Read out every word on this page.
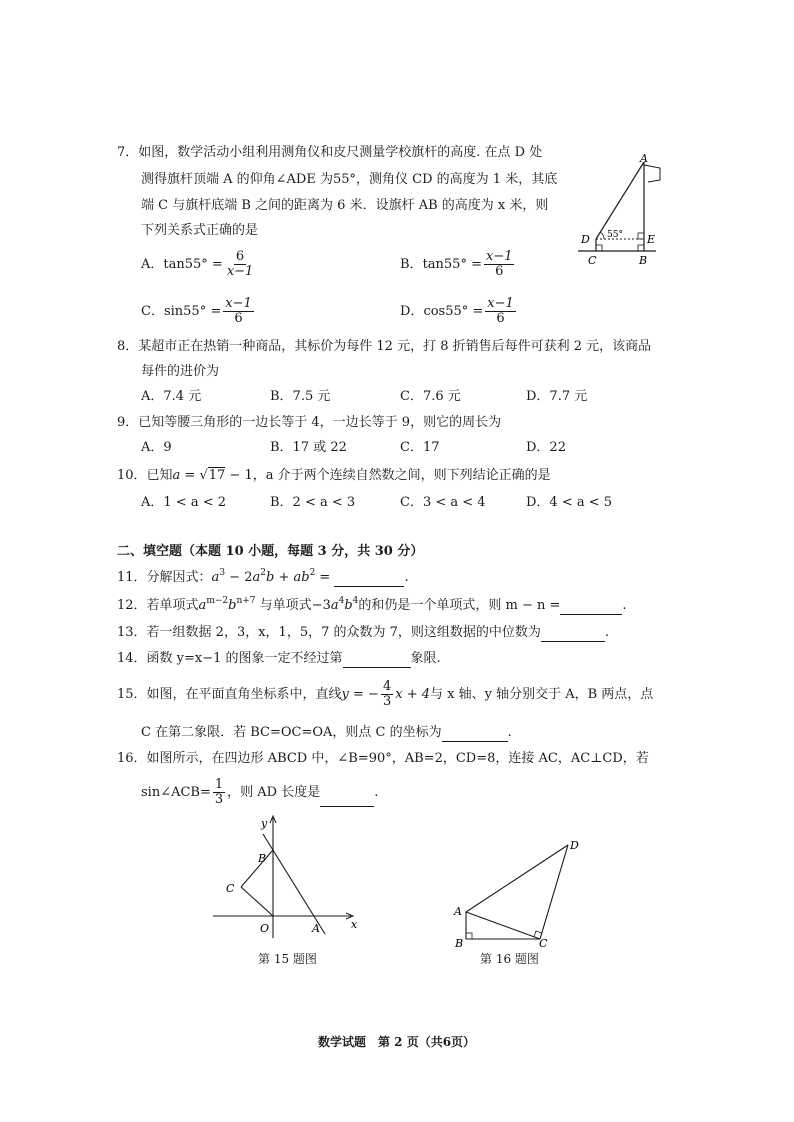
7．如图，数学活动小组利用测角仪和皮尺测量学校旗杆的高度. 在点 D 处
测得旗杆顶端 A 的仰角∠ADE 为55°，测角仪 CD 的高度为 1 米，其底
端 C 与旗杆底端 B 之间的距离为 6 米．设旗杆 AB 的高度为 x 米，则
下列关系式正确的是
A．$\tan 55^\circ = \frac{6}{x-1}$	B．$\tan 55^\circ = \frac{x-1}{6}$
C．$\sin 55^\circ = \frac{x-1}{6}$	D．$\cos 55^\circ = \frac{x-1}{6}$
A
D	E
C	B
55°
8．某超市正在热销一种商品，其标价为每件 12 元，打 8 折销售后每件可获利 2 元，该商品
每件的进价为
A．7.4 元	B．7.5 元	C．7.6 元	D．7.7 元
9．已知等腰三角形的一边长等于 4，一边长等于 9，则它的周长为
A．9	B．17 或 22	C．17	D．22
10．已知a = √17 − 1，a 介于两个连续自然数之间，则下列结论正确的是
A．1 < a < 2	B．2 < a < 3	C．3 < a < 4	D．4 < a < 5
二、填空题（本题 10 小题，每题 3 分，共 30 分）
11．分解因式：$a^3 - 2a^2b + ab^2$ =	.
12．若单项式$a^{m-2}b^{n+7}$ 与单项式$-3a^4b^4$的和仍是一个单项式，则 m − n =	.
13．若一组数据 2，3，x，1，5，7 的众数为 7，则这组数据的中位数为	.
14．函数 y=x−1 的图象一定不经过第	象限.
15．如图，在平面直角坐标系中，直线y = − $\frac{4}{3}$ x + 4与 x 轴、y 轴分别交于 A，B 两点，点
C 在第二象限．若 BC=OC=OA，则点 C 的坐标为	.
16．如图所示，在四边形 ABCD 中，∠B=90°，AB=2，CD=8，连接 AC，AC⊥CD，若
sin∠ACB= $\frac{1}{3}$ ，则 AD 长度是	.
y
x
B
C
O	A
第 15 题图
A
B	C
D
第 16 题图
数学试题　第 2 页（共6页）
